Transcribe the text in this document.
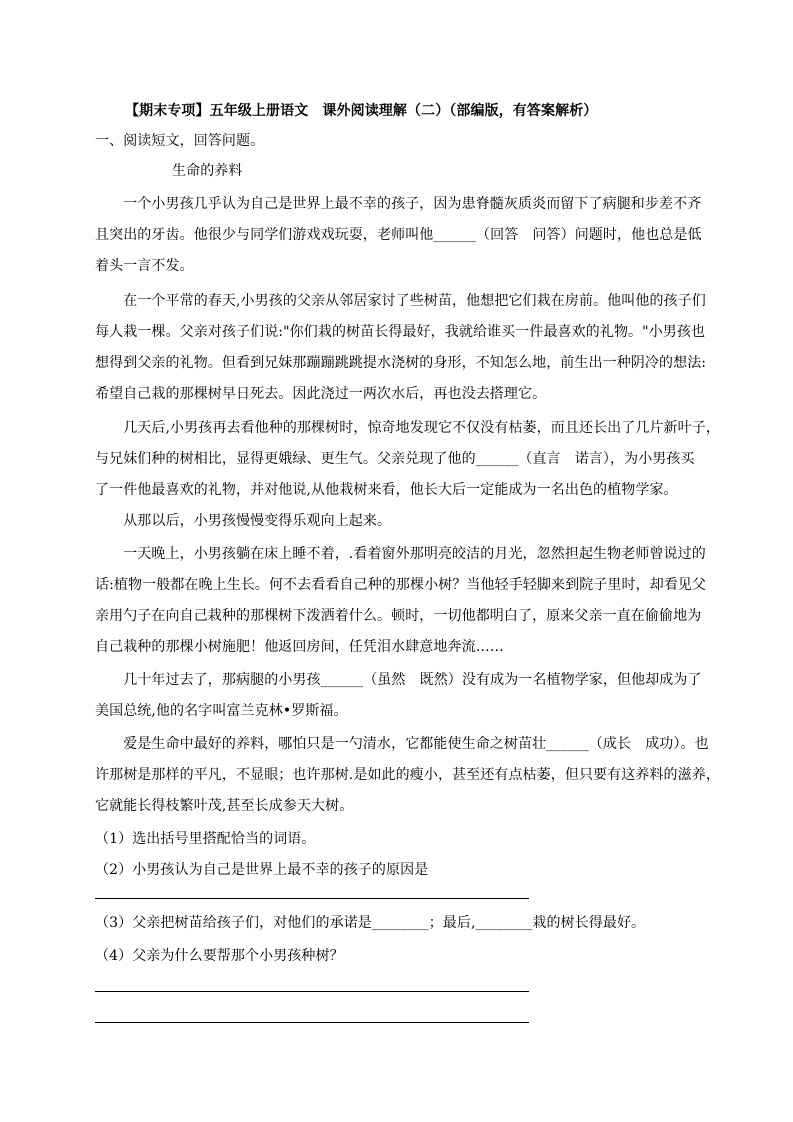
【期末专项】五年级上册语文　课外阅读理解（二）（部编版，有答案解析）
一、阅读短文，回答问题。
生命的养料
　　一个小男孩几乎认为自己是世界上最不幸的孩子，因为患脊髓灰质炎而留下了病腿和步差不齐
且突出的牙齿。他很少与同学们游戏戏玩耍，老师叫他______（回答　问答）问题时，他也总是低
着头一言不发。
　　在一个平常的春天,小男孩的父亲从邻居家讨了些树苗，他想把它们栽在房前。他叫他的孩子们
每人栽一棵。父亲对孩子们说:"你们栽的树苗长得最好，我就给谁买一件最喜欢的礼物。"小男孩也
想得到父亲的礼物。但看到兄妹那蹦蹦跳跳提水浇树的身形，不知怎么地，前生出一种阴冷的想法:
希望自己栽的那棵树早日死去。因此浇过一两次水后，再也没去搭理它。
　　几天后,小男孩再去看他种的那棵树时，惊奇地发现它不仅没有枯萎，而且还长出了几片新叶子，
与兄妹们种的树相比，显得更娥绿、更生气。父亲兑现了他的______（直言　诺言），为小男孩买
了一件他最喜欢的礼物，并对他说,从他栽树来看，他长大后一定能成为一名出色的植物学家。
　　从那以后，小男孩慢慢变得乐观向上起来。
　　一天晚上，小男孩躺在床上睡不着，.看着窗外那明亮皎洁的月光，忽然担起生物老师曾说过的
话:植物一般都在晚上生长。何不去看看自己种的那棵小树？当他轻手轻脚来到院子里时，却看见父
亲用勺子在向自己栽种的那棵树下泼洒着什么。顿时，一切他都明白了，原来父亲一直在偷偷地为
自己栽种的那棵小树施肥！他返回房间，任凭泪水肆意地奔流……
　　几十年过去了，那病腿的小男孩______（虽然　既然）没有成为一名植物学家，但他却成为了
美国总统,他的名字叫富兰克林•罗斯福。
　　爱是生命中最好的养料，哪怕只是一勺清水，它都能使生命之树苗壮______（成长　成功）。也
许那树是那样的平凡，不显眼；也许那树.是如此的瘦小，甚至还有点枯萎，但只要有这养料的滋养，
它就能长得枝繁叶茂,甚至长成参天大树。
（1）选出括号里搭配恰当的词语。
（2）小男孩认为自己是世界上最不幸的孩子的原因是
（3）父亲把树苗给孩子们，对他们的承诺是________；最后,________栽的树长得最好。
（4）父亲为什么要帮那个小男孩种树？
